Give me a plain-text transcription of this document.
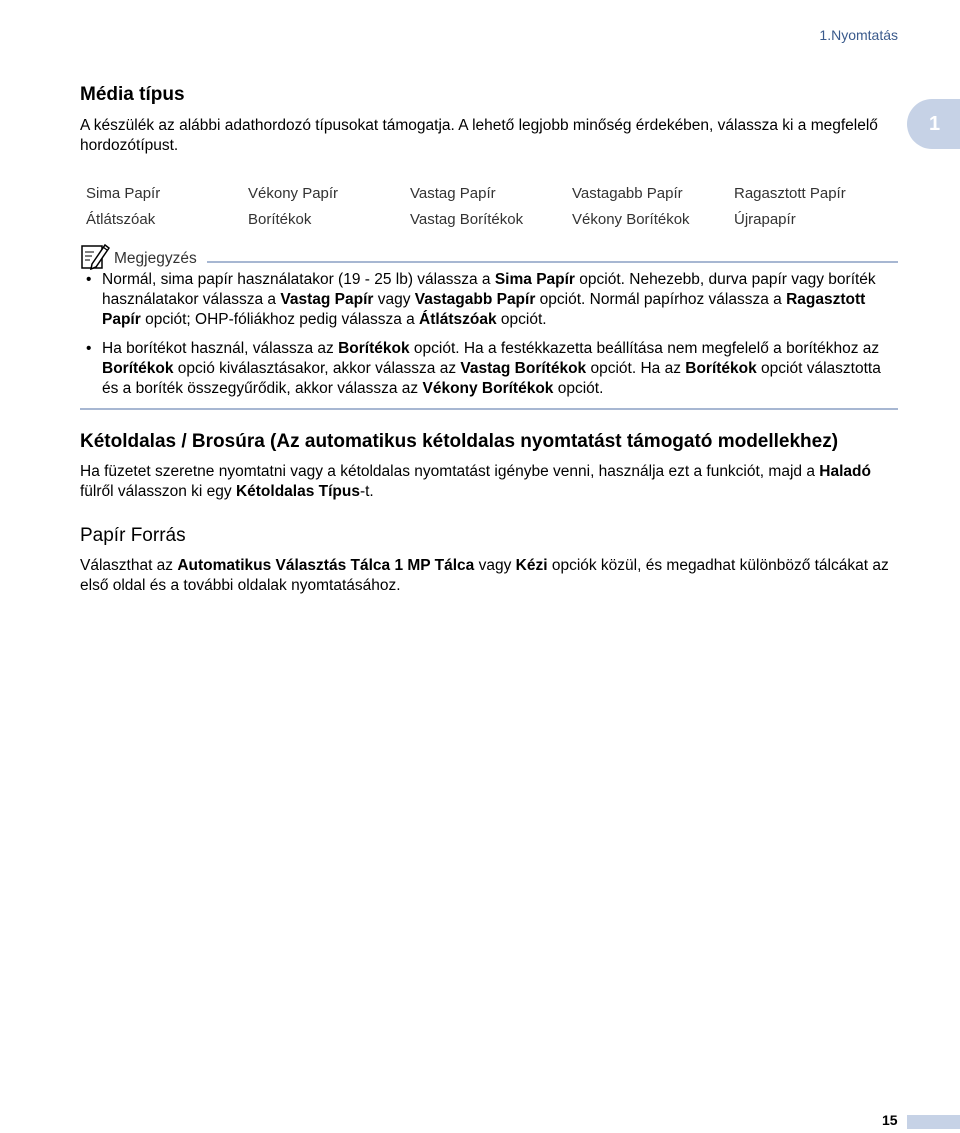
1.Nyomtatás
1
Média típus

A készülék az alábbi adathordozó típusokat támogatja. A lehető legjobb minőség érdekében, válassza ki a megfelelő hordozótípust.

Sima Papír	Vékony Papír	Vastag Papír	Vastagabb Papír	Ragasztott Papír
Átlátszóak	Borítékok	Vastag Borítékok	Vékony Borítékok	Újrapapír
Megjegyzés
• Normál, sima papír használatakor (19 - 25 lb) válassza a Sima Papír opciót. Nehezebb, durva papír vagy boríték használatakor válassza a Vastag Papír vagy Vastagabb Papír opciót. Normál papírhoz válassza a Ragasztott Papír opciót; OHP-fóliákhoz pedig válassza a Átlátszóak opciót.
• Ha borítékot használ, válassza az Borítékok opciót. Ha a festékkazetta beállítása nem megfelelő a borítékhoz az Borítékok opció kiválasztásakor, akkor válassza az Vastag Borítékok opciót. Ha az Borítékok opciót választotta és a boríték összegyűrődik, akkor válassza az Vékony Borítékok opciót.
Kétoldalas / Brosúra (Az automatikus kétoldalas nyomtatást támogató modellekhez)

Ha füzetet szeretne nyomtatni vagy a kétoldalas nyomtatást igénybe venni, használja ezt a funkciót, majd a Haladó fülről válasszon ki egy Kétoldalas Típus-t.

Papír Forrás

Választhat az Automatikus Választás Tálca 1 MP Tálca vagy Kézi opciók közül, és megadhat különböző tálcákat az első oldal és a további oldalak nyomtatásához.

15
